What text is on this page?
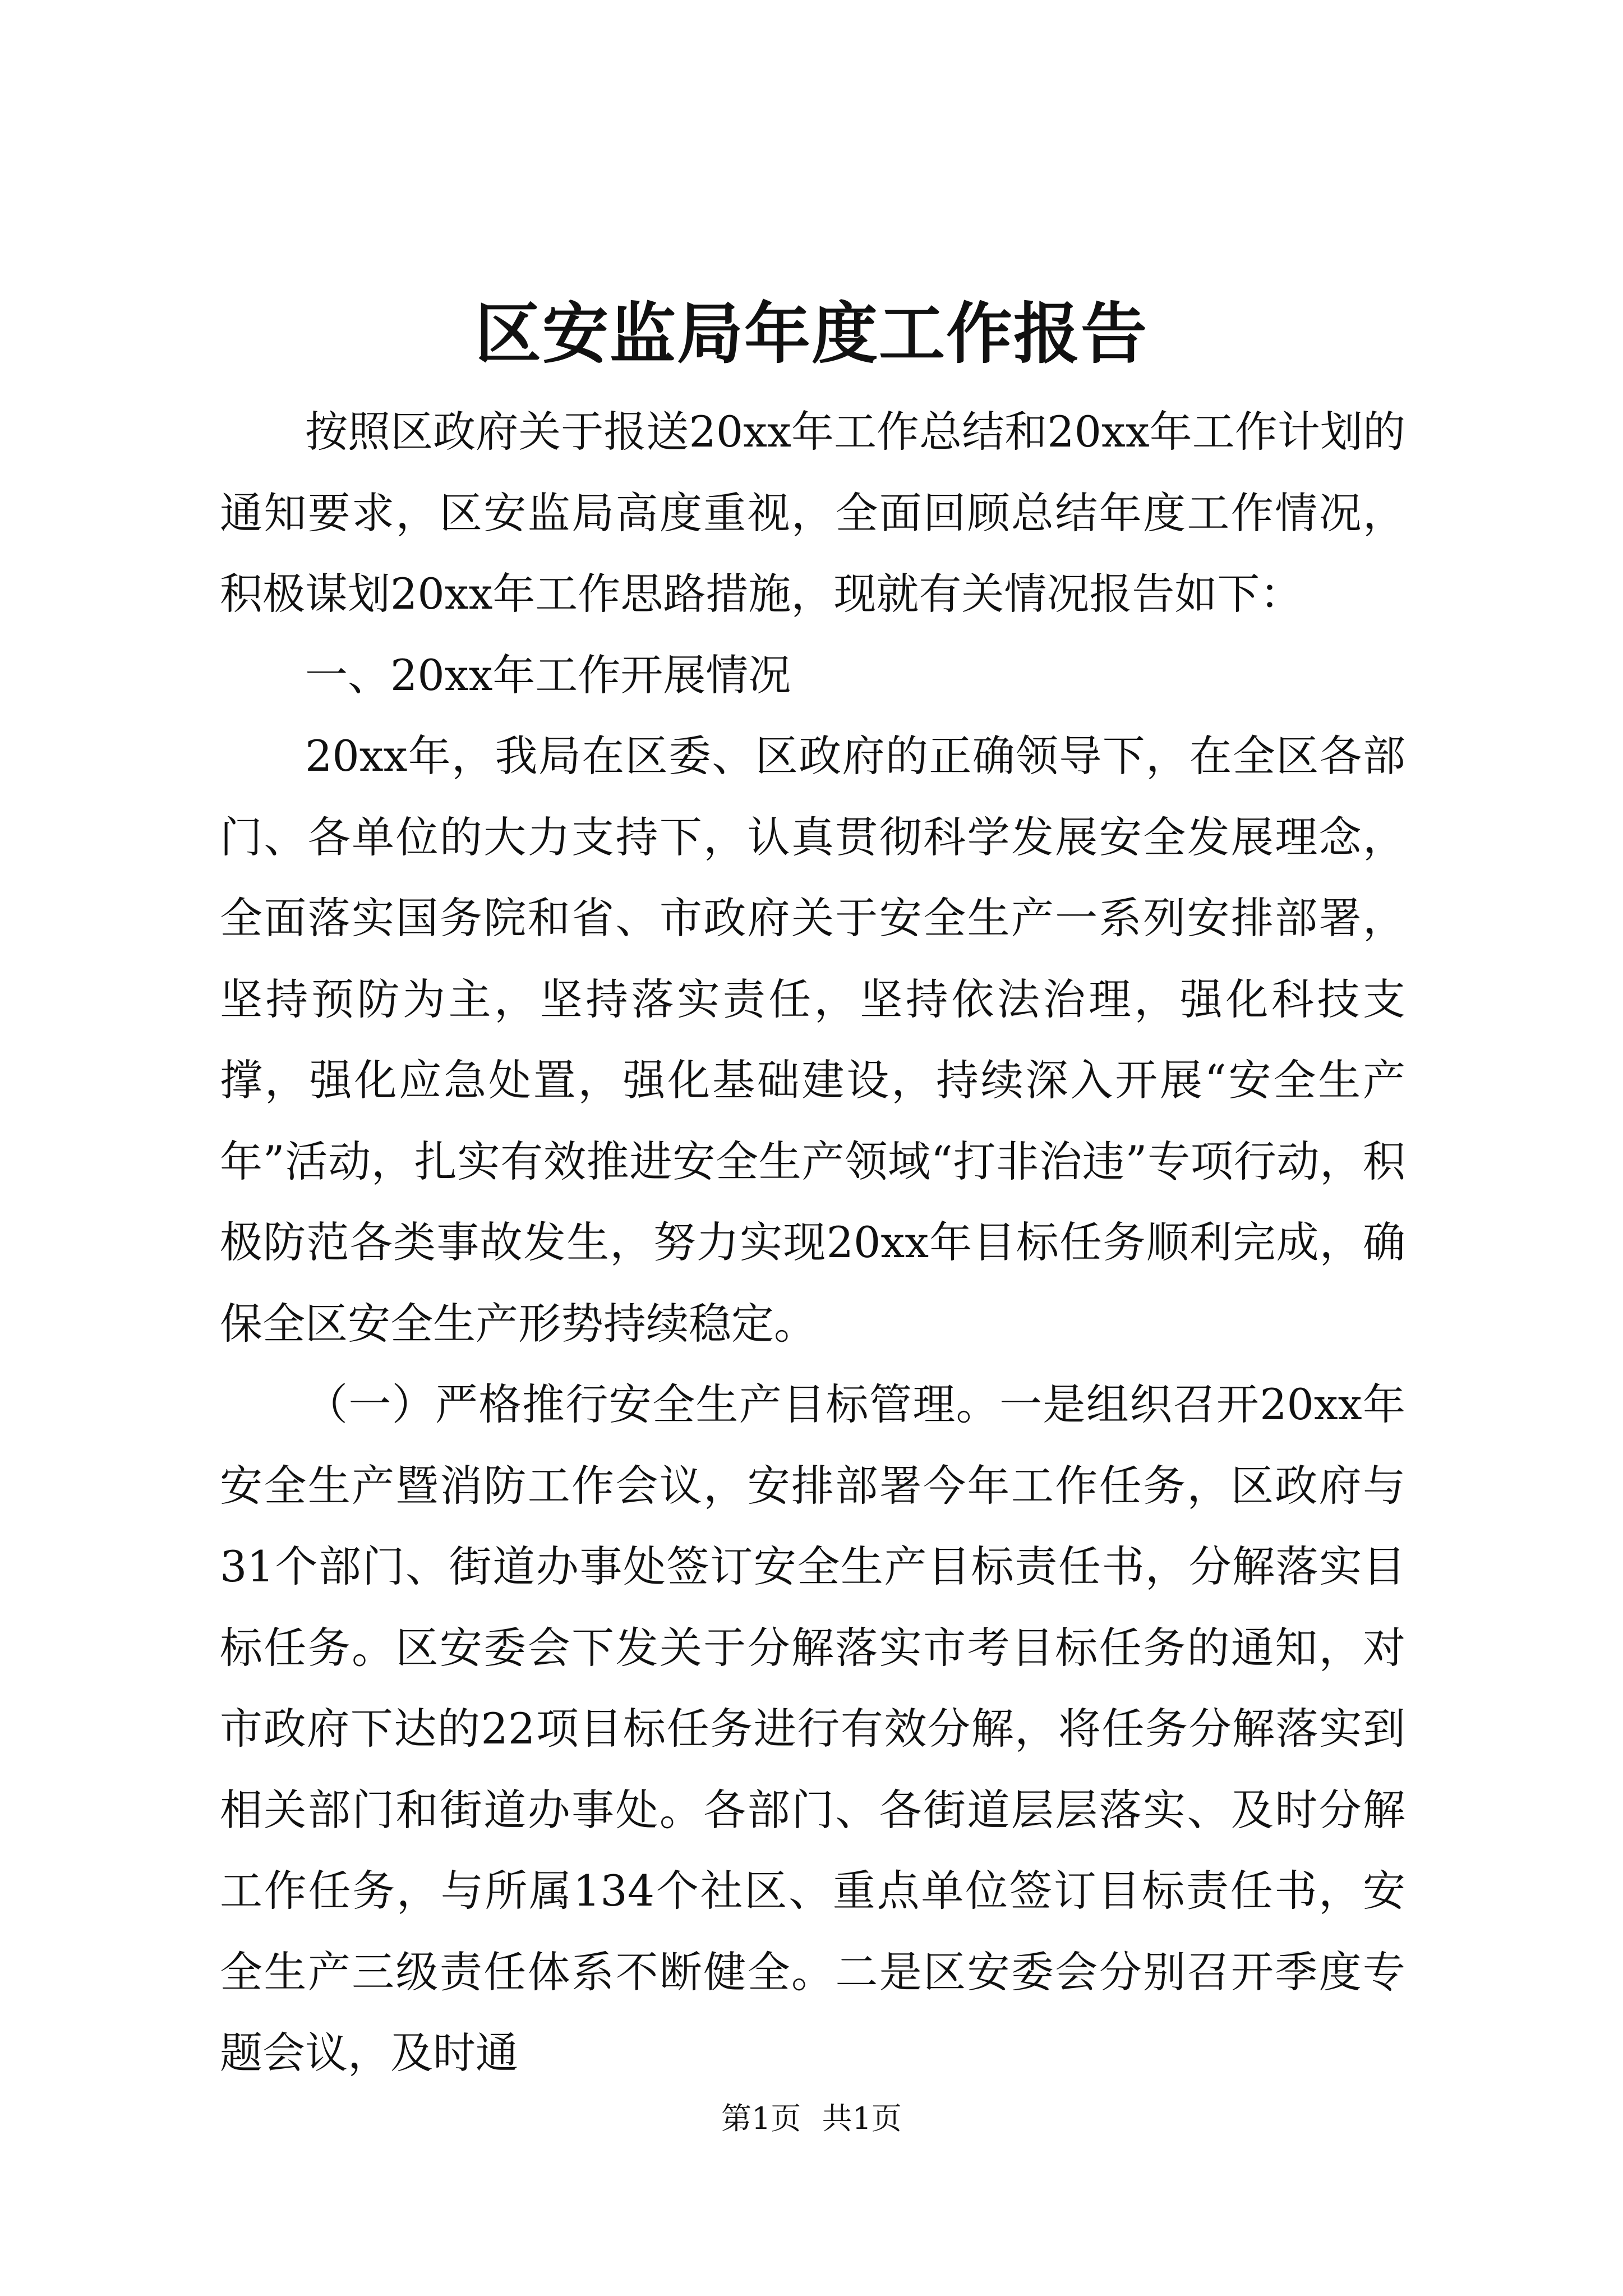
区安监局年度工作报告

按照区政府关于报送20xx年工作总结和20xx年工作计划的通知要求，区安监局高度重视，全面回顾总结年度工作情况，积极谋划20xx年工作思路措施，现就有关情况报告如下：

一、20xx年工作开展情况

20xx年，我局在区委、区政府的正确领导下，在全区各部门、各单位的大力支持下，认真贯彻科学发展安全发展理念，全面落实国务院和省、市政府关于安全生产一系列安排部署，坚持预防为主，坚持落实责任，坚持依法治理，强化科技支撑，强化应急处置，强化基础建设，持续深入开展“安全生产年”活动，扎实有效推进安全生产领域“打非治违”专项行动，积极防范各类事故发生，努力实现20xx年目标任务顺利完成，确保全区安全生产形势持续稳定。

（一）严格推行安全生产目标管理。一是组织召开20xx年安全生产暨消防工作会议，安排部署今年工作任务，区政府与31个部门、街道办事处签订安全生产目标责任书，分解落实目标任务。区安委会下发关于分解落实市考目标任务的通知，对市政府下达的22项目标任务进行有效分解，将任务分解落实到相关部门和街道办事处。各部门、各街道层层落实、及时分解工作任务，与所属134个社区、重点单位签订目标责任书，安全生产三级责任体系不断健全。二是区安委会分别召开季度专题会议，及时通

第1页 共1页
